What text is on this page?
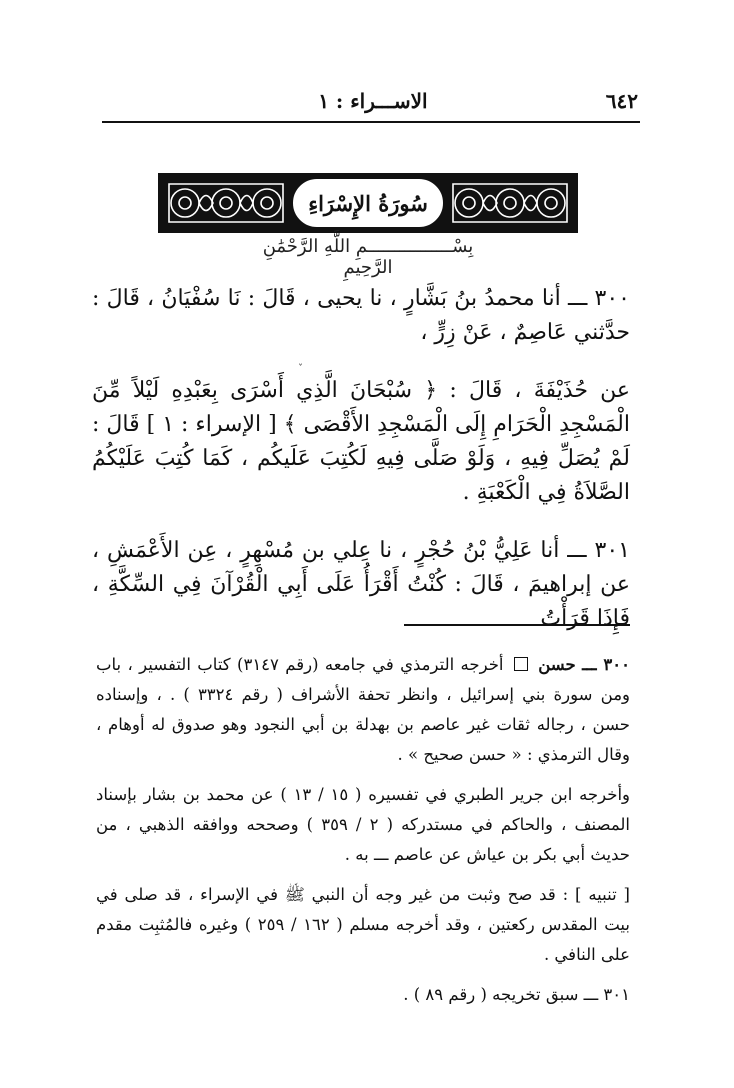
٦٤٢
الاســـراء : ١
سُورَةُ الإِسْرَاءِ
بِسْــــــــــــــــمِ اللَّهِ الرَّحْمَٰنِ الرَّحِيمِ

٣٠٠ ـــ أنا محمدُ بنُ بَشَّارٍ ، نا يحيى ، قَالَ : نَا سُفْيَانُ ، قَالَ : حدَّثني عَاصِمٌ ، عَنْ زِرٍّ ،

عن حُذَيْفَةَ ، قَالَ : ﴿ سُبْحَانَ الَّذِي أَسْرَى بِعَبْدِهِ لَيْلاً مِّنَ الْمَسْجِدِ الْحَرَامِ إِلَى الْمَسْجِدِ الأَقْصَى ﴾ [ الإسراء : ١ ] قَالَ : لَمْ يُصَلِّ فِيهِ ، وَلَوْ صَلَّى فِيهِ لَكُتِبَ عَلَيكُم ، كَمَا كُتِبَ عَلَيْكُمُ الصَّلاَةُ فِي الْكَعْبَةِ .

٣٠١ ـــ أنا عَلِيُّ بْنُ حُجْرٍ ، نا عِلي بن مُسْهِرٍ ، عِن الأَعْمَشِ ، عن إبراهيمَ ، قَالَ : كُنْتُ أَقْرَأُ عَلَى أَبِي الْقُرْآنَ فِي السِّكَّةِ ، فَإِذَا قَرَأْتُ

ˇ

٣٠٠ ـــ حسن  أخرجه الترمذي في جامعه (رقم ٣١٤٧) كتاب التفسير ، باب ومن سورة بني إسرائيل ، وانظر تحفة الأشراف ( رقم ٣٣٢٤ ) . ، وإسناده حسن ، رجاله ثقات غير عاصم بن بهدلة بن أبي النجود وهو صدوق له أوهام ، وقال الترمذي : « حسن صحيح » .

وأخرجه ابن جرير الطبري في تفسيره ( ١٥ / ١٣ ) عن محمد بن بشار بإسناد المصنف ، والحاكم في مستدركه ( ٢ / ٣٥٩ ) وصححه ووافقه الذهبي ، من حديث أبي بكر بن عياش عن عاصم ـــ به .

[ تنبيه ] : قد صح وثبت من غير وجه أن النبي ﷺ في الإسراء ، قد صلى في بيت المقدس ركعتين ، وقد أخرجه مسلم ( ١٦٢ / ٢٥٩ ) وغيره فالمُثبِت مقدم على النافي .

٣٠١ ـــ سبق تخريجه ( رقم ٨٩ ) .
